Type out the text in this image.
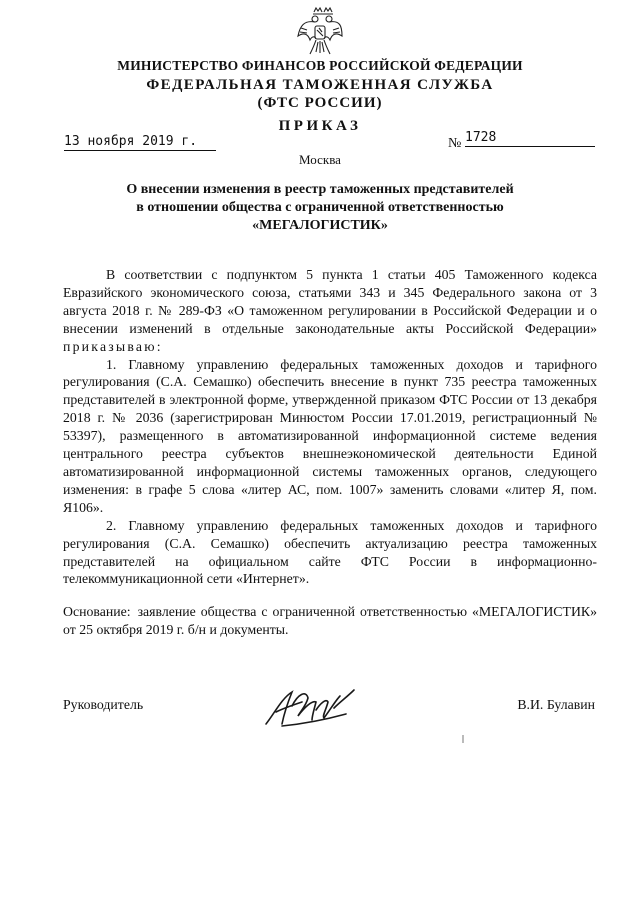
МИНИСТЕРСТВО ФИНАНСОВ РОССИЙСКОЙ ФЕДЕРАЦИИ
ФЕДЕРАЛЬНАЯ ТАМОЖЕННАЯ СЛУЖБА
(ФТС РОССИИ)
ПРИКАЗ
13 ноября 2019 г.	№ 1728
Москва
О внесении изменения в реестр таможенных представителей
в отношении общества с ограниченной ответственностью
«МЕГАЛОГИСТИК»

В соответствии с подпунктом 5 пункта 1 статьи 405 Таможенного кодекса Евразийского экономического союза, статьями 343 и 345 Федерального закона от 3 августа 2018 г. № 289-ФЗ «О таможенном регулировании в Российской Федерации и о внесении изменений в отдельные законодательные акты Российской Федерации» приказываю:

1. Главному управлению федеральных таможенных доходов и тарифного регулирования (С.А. Семашко) обеспечить внесение в пункт 735 реестра таможенных представителей в электронной форме, утвержденной приказом ФТС России от 13 декабря 2018 г. № 2036 (зарегистрирован Минюстом России 17.01.2019, регистрационный № 53397), размещенного в автоматизированной информационной системе ведения центрального реестра субъектов внешнеэкономической деятельности Единой автоматизированной информационной системы таможенных органов, следующего изменения: в графе 5 слова «литер АС, пом. 1007» заменить словами «литер Я, пом. Я106».

2. Главному управлению федеральных таможенных доходов и тарифного регулирования (С.А. Семашко) обеспечить актуализацию реестра таможенных представителей на официальном сайте ФТС России в информационно-телекоммуникационной сети «Интернет».

Основание: заявление общества с ограниченной ответственностью «МЕГАЛОГИСТИК» от 25 октября 2019 г. б/н и документы.
Руководитель	В.И. Булавин
